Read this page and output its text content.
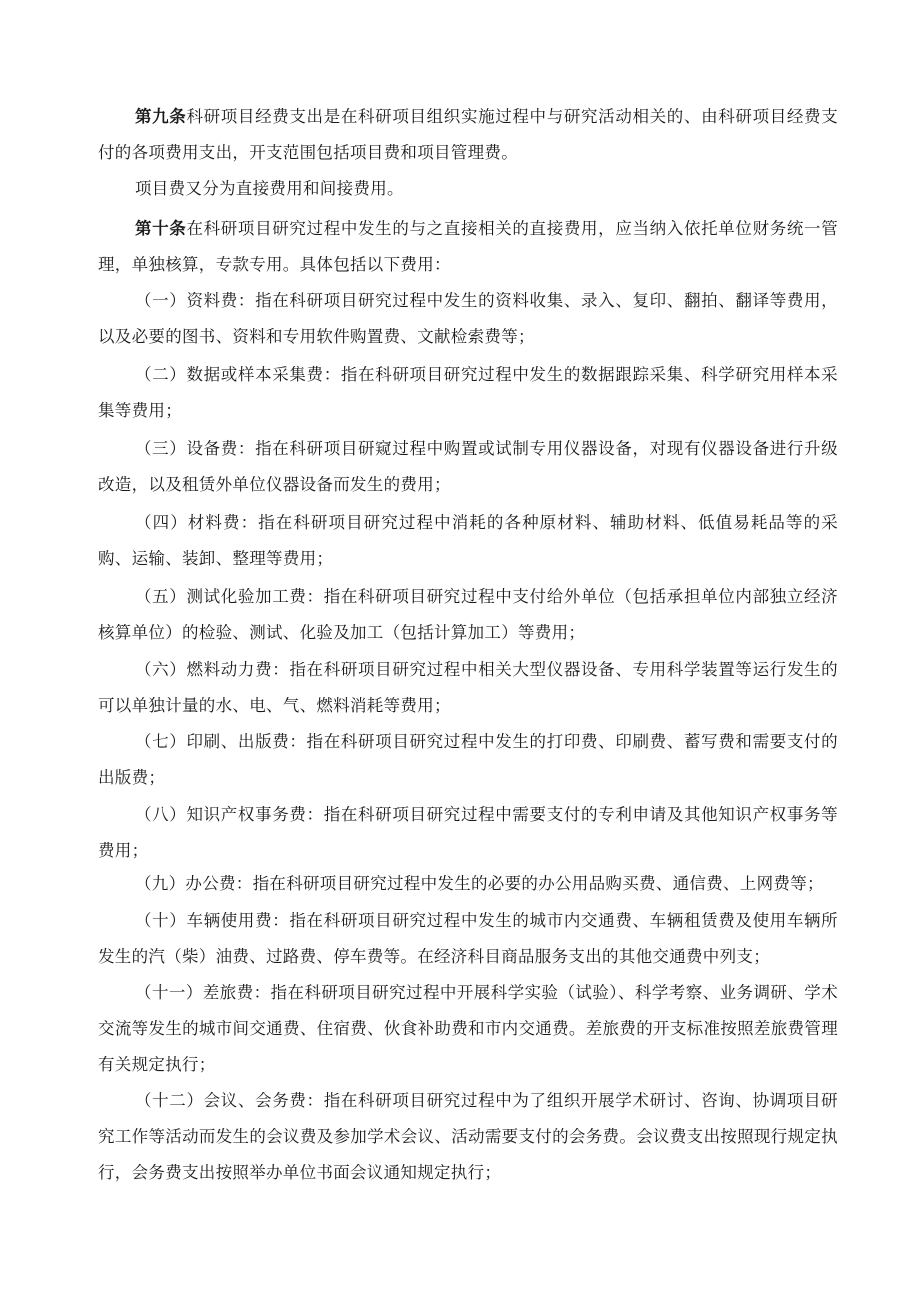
第九条科研项目经费支出是在科研项目组织实施过程中与研究活动相关的、由科研项目经费支付的各项费用支出，开支范围包括项目费和项目管理费。

项目费又分为直接费用和间接费用。

第十条在科研项目研究过程中发生的与之直接相关的直接费用，应当纳入依托单位财务统一管理，单独核算，专款专用。具体包括以下费用：

（一）资料费：指在科研项目研究过程中发生的资料收集、录入、复印、翻拍、翻译等费用，以及必要的图书、资料和专用软件购置费、文献检索费等；

（二）数据或样本采集费：指在科研项目研究过程中发生的数据跟踪采集、科学研究用样本采集等费用；

（三）设备费：指在科研项目研窥过程中购置或试制专用仪器设备，对现有仪器设备进行升级改造，以及租赁外单位仪器设备而发生的费用；

（四）材料费：指在科研项目研究过程中消耗的各种原材料、辅助材料、低值易耗品等的采购、运输、装卸、整理等费用；

（五）测试化验加工费：指在科研项目研究过程中支付给外单位（包括承担单位内部独立经济核算单位）的检验、测试、化验及加工（包括计算加工）等费用；

（六）燃料动力费：指在科研项目研究过程中相关大型仪器设备、专用科学装置等运行发生的可以单独计量的水、电、气、燃料消耗等费用；

（七）印刷、出版费：指在科研项目研究过程中发生的打印费、印刷费、蓄写费和需要支付的出版费；

（八）知识产权事务费：指在科研项目研究过程中需要支付的专利申请及其他知识产权事务等费用；

（九）办公费：指在科研项目研究过程中发生的必要的办公用品购买费、通信费、上网费等；

（十）车辆使用费：指在科研项目研究过程中发生的城市内交通费、车辆租赁费及使用车辆所发生的汽（柴）油费、过路费、停车费等。在经济科目商品服务支出的其他交通费中列支；

（十一）差旅费：指在科研项目研究过程中开展科学实验（试验）、科学考察、业务调研、学术交流等发生的城市间交通费、住宿费、伙食补助费和市内交通费。差旅费的开支标准按照差旅费管理有关规定执行；

（十二）会议、会务费：指在科研项目研究过程中为了组织开展学术研讨、咨询、协调项目研究工作等活动而发生的会议费及参加学术会议、活动需要支付的会务费。会议费支出按照现行规定执行，会务费支出按照举办单位书面会议通知规定执行；
